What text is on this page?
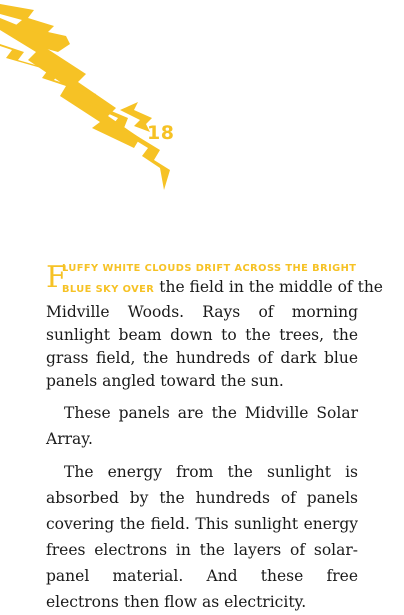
18

F
LUFFY WHITE CLOUDS DRIFT ACROSS THE BRIGHT
BLUE SKY OVER the field in the middle of the
Midville Woods. Rays of morning sunlight beam down to the trees, the grass field, the hundreds of dark blue panels angled toward the sun.

These panels are the Midville Solar Array.

The energy from the sunlight is absorbed by the hundreds of panels covering the field. This sunlight energy frees electrons in the layers of solar-panel material. And these free electrons then flow as electricity.
